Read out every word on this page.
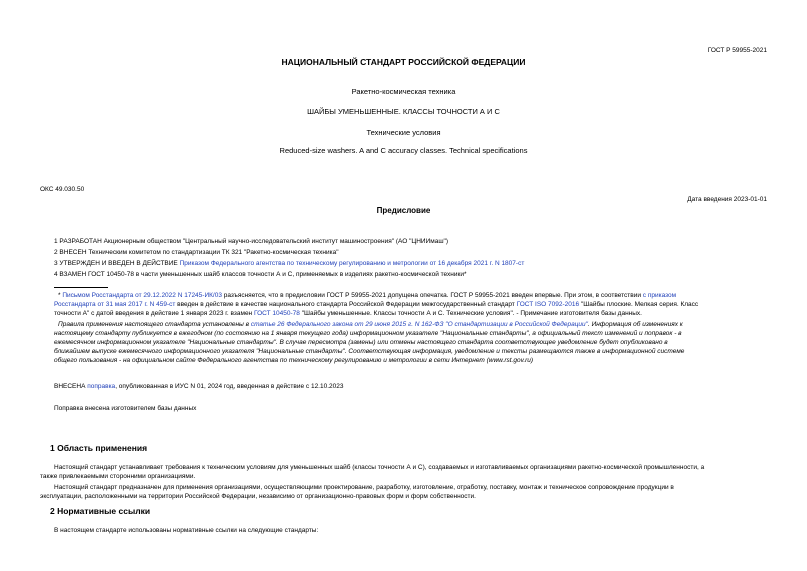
ГОСТ Р 59955-2021
НАЦИОНАЛЬНЫЙ СТАНДАРТ РОССИЙСКОЙ ФЕДЕРАЦИИ
Ракетно-космическая техника
ШАЙБЫ УМЕНЬШЕННЫЕ. КЛАССЫ ТОЧНОСТИ А И С
Технические условия
Reduced-size washers. A and C accuracy classes. Technical specifications
ОКС 49.030.50
Дата введения 2023-01-01
Предисловие
1 РАЗРАБОТАН Акционерным обществом "Центральный научно-исследовательский институт машиностроения" (АО "ЦНИИмаш")
2 ВНЕСЕН Техническим комитетом по стандартизации ТК 321 "Ракетно-космическая техника"
3 УТВЕРЖДЕН И ВВЕДЕН В ДЕЙСТВИЕ Приказом Федерального агентства по техническому регулированию и метрологии от 16 декабря 2021 г. N 1807-ст
4 ВЗАМЕН ГОСТ 10450-78 в части уменьшенных шайб классов точности А и С, применяемых в изделиях ракетно-космической техники*
* Письмом Росстандарта от 29.12.2022 N 17245-ИК/03 разъясняется, что в предисловии ГОСТ Р 59955-2021 допущена опечатка. ГОСТ Р 59955-2021 введен впервые. При этом, в соответствии с приказом
Росстандарта от 31 мая 2017 г. N 459-ст введен в действие в качестве национального стандарта Российской Федерации межгосударственный стандарт ГОСТ ISO 7092-2016 "Шайбы плоские. Мелкая серия. Класс
точности А" с датой введения в действие 1 января 2023 г. взамен ГОСТ 10450-78 "Шайбы уменьшенные. Классы точности А и С. Технические условия". - Примечание изготовителя базы данных.
Правила применения настоящего стандарта установлены в статье 26 Федерального закона от 29 июня 2015 г. N 162-ФЗ "О стандартизации в Российской Федерации". Информация об изменениях к
настоящему стандарту публикуется в ежегодном (по состоянию на 1 января текущего года) информационном указателе "Национальные стандарты", а официальный текст изменений и поправок - в
ежемесячном информационном указателе "Национальные стандарты". В случае пересмотра (замены) или отмены настоящего стандарта соответствующее уведомление будет опубликовано в
ближайшем выпуске ежемесячного информационного указателя "Национальные стандарты". Соответствующая информация, уведомление и тексты размещаются также в информационной системе
общего пользования - на официальном сайте Федерального агентства по техническому регулированию и метрологии в сети Интернет (www.rst.gov.ru)
ВНЕСЕНА поправка, опубликованная в ИУС N 01, 2024 год, введенная в действие с 12.10.2023
Поправка внесена изготовителем базы данных
1 Область применения
Настоящий стандарт устанавливает требования к техническим условиям для уменьшенных шайб (классы точности А и С), создаваемых и изготавливаемых организациями ракетно-космической промышленности, а
также привлекаемыми сторонними организациями.
Настоящий стандарт предназначен для применения организациями, осуществляющими проектирование, разработку, изготовление, отработку, поставку, монтаж и техническое сопровождение продукции в
эксплуатации, расположенными на территории Российской Федерации, независимо от организационно-правовых форм и форм собственности.
2 Нормативные ссылки
В настоящем стандарте использованы нормативные ссылки на следующие стандарты:
